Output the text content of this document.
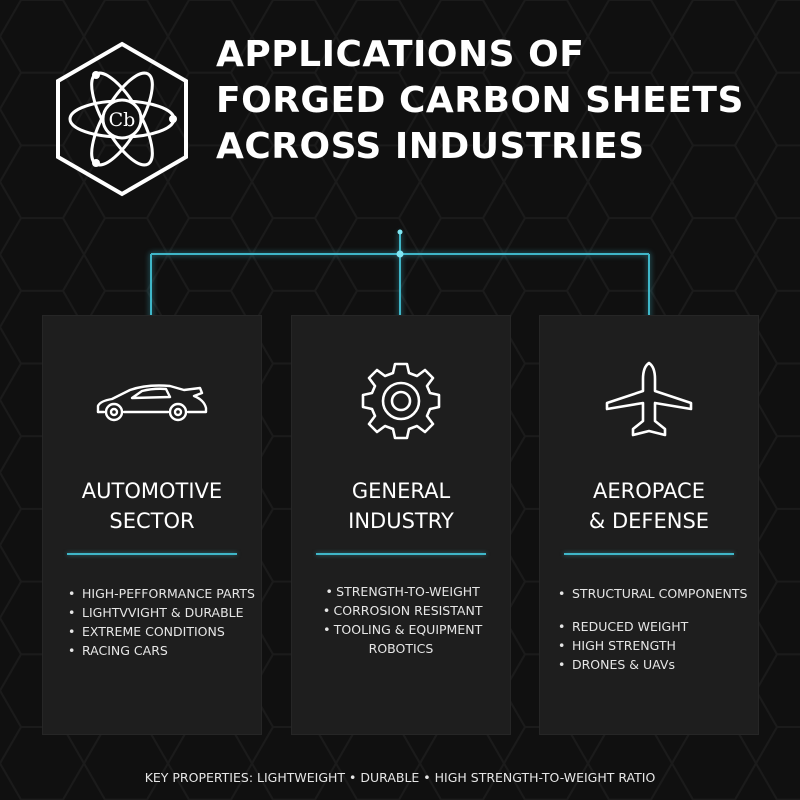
Cb
APPLICATIONS OF
FORGED CARBON SHEETS
ACROSS INDUSTRIES
AUTOMOTIVE
SECTOR
• HIGH-PEFFORMANCE PARTS
• LIGHTVVIGHT & DURABLE
• EXTREME CONDITIONS
• RACING CARS
GENERAL
INDUSTRY
• STRENGTH-TO-WEIGHT
• CORROSION RESISTANT
• TOOLING & EQUIPMENT
ROBOTICS
AEROPACE
& DEFENSE
• STRUCTURAL COMPONENTS
• REDUCED WEIGHT
• HIGH STRENGTH
• DRONES & UAVs
KEY PROPERTIES: LIGHTWEIGHT • DURABLE • HIGH STRENGTH-TO-WEIGHT RATIO
